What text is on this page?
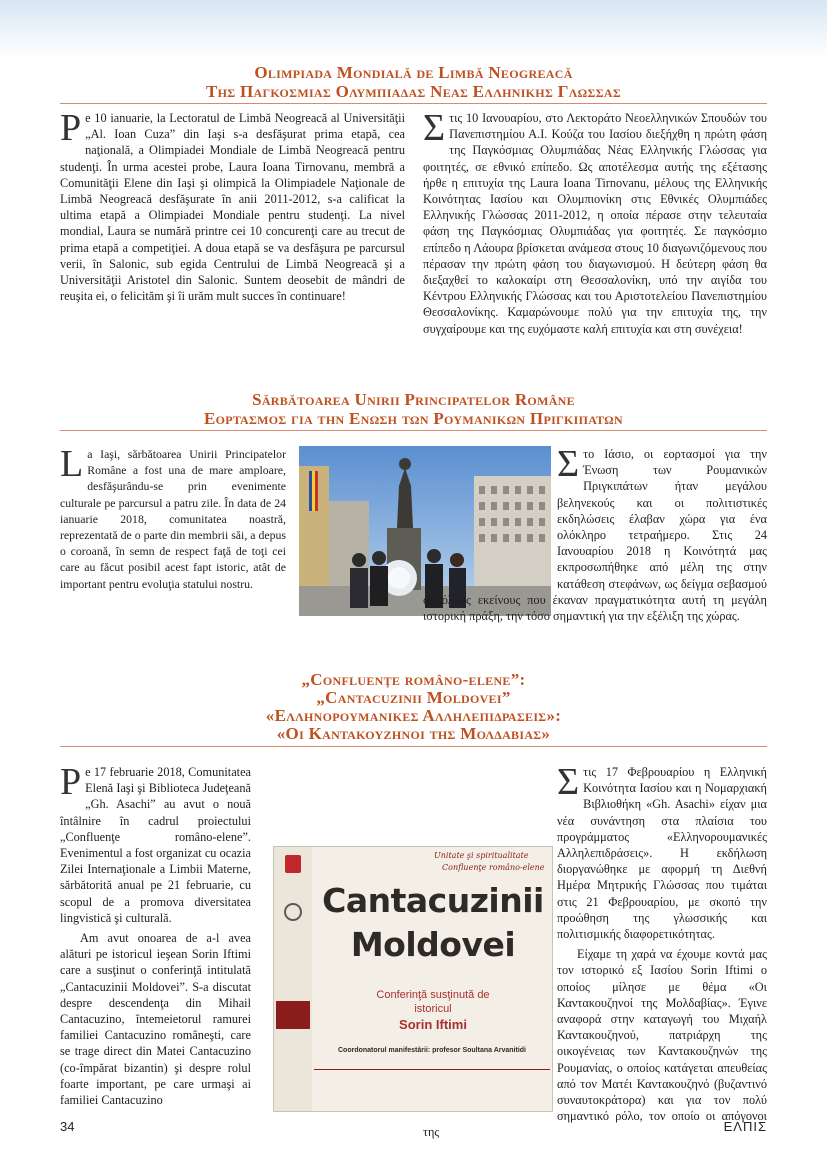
Olimpiada Mondială de Limbă Neogreacă
Της Παγκοσμιας Ολυμπιαδας Νεας Ελληνικης Γλωσσας

Pe 10 ianuarie, la Lectoratul de Limbă Neogreacă al Universităţii „Al. Ioan Cuza” din Iaşi s-a desfăşurat prima etapă, cea naţională, a Olimpiadei Mondiale de Limbă Neogreacă pentru studenţi. În urma acestei probe, Laura Ioana Tirnovanu, membră a Comunităţii Elene din Iaşi şi olimpică la Olimpiadele Naţionale de Limbă Neogreacă desfăşurate în anii 2011-2012, s-a calificat la ultima etapă a Olimpiadei Mondiale pentru studenţi. La nivel mondial, Laura se numără printre cei 10 concurenţi care au trecut de prima etapă a competiţiei. A doua etapă se va desfăşura pe parcursul verii, în Salonic, sub egida Centrului de Limbă Neogreacă şi a Universităţii Aristotel din Salonic. Suntem deosebit de mândri de reuşita ei, o felicităm şi îi urăm mult succes în continuare!

Στις 10 Ιανουαρίου, στο Λεκτοράτο Νεοελληνικών Σπουδών του Πανεπιστημίου Α.Ι. Κούζα του Ιασίου διεξήχθη η πρώτη φάση της Παγκόσμιας Ολυμπιάδας Νέας Ελληνικής Γλώσσας για φοιτητές, σε εθνικό επίπεδο. Ως αποτέλεσμα αυτής της εξέτασης ήρθε η επιτυχία της Laura Ioana Tirnovanu, μέλους της Ελληνικής Κοινότητας Ιασίου και Ολυμπιονίκη στις Εθνικές Ολυμπιάδες Ελληνικής Γλώσσας 2011-2012, η οποία πέρασε στην τελευταία φάση της Παγκόσμιας Ολυμπιάδας για φοιτητές. Σε παγκόσμιο επίπεδο η Λάουρα βρίσκεται ανάμεσα στους 10 διαγωνιζόμενους που πέρασαν την πρώτη φάση του διαγωνισμού. Η δεύτερη φάση θα διεξαχθεί το καλοκαίρι στη Θεσσαλονίκη, υπό την αιγίδα του Κέντρου Ελληνικής Γλώσσας και του Αριστοτελείου Πανεπιστημίου Θεσσαλονίκης. Καμαρώνουμε πολύ για την επιτυχία της, την συγχαίρουμε και της ευχόμαστε καλή επιτυχία και στη συνέχεια!

Sărbătoarea Unirii Principatelor Române
Εορτασμος για την Ενωση των Ρουμανικων Πριγκιπατων

La Iaşi, sărbătoarea Unirii Principatelor Române a fost una de mare amploare, desfăşurându-se prin evenimente culturale pe parcursul a patru zile. În data de 24 ianuarie 2018, comunitatea noastră, reprezentată de o parte din membrii săi, a depus o coroană, în semn de respect faţă de toţi cei care au făcut posibil acest fapt istoric, atât de important pentru evoluţia statului nostru.

Στο Ιάσιο, οι εορτασμοί για την Ένωση των Ρουμανικών Πριγκιπάτων ήταν μεγάλου βεληνεκούς και οι πολιτιστικές εκδηλώσεις έλαβαν χώρα για ένα ολόκληρο τετραήμερο. Στις 24 Ιανουαρίου 2018 η Κοινότητά μας εκπροσωπήθηκε από μέλη της στην κατάθεση στεφάνων, ως δείγμα σεβασμού σε όλους εκείνους που έκαναν πραγματικότητα αυτή τη μεγάλη ιστορική πράξη, την τόσο σημαντική για την εξέλιξη της χώρας.

„Confluenţe româno-elene”:
„Cantacuzinii Moldovei”
«Ελληνορουμανικες Αλληλεπιδρασεις»:
«Οι Καντακουζηνοι της Μολδαβιας»

Pe 17 februarie 2018, Comunitatea Elenă Iaşi şi Biblioteca Judeţeană „Gh. Asachi” au avut o nouă întâlnire în cadrul proiectului „Confluenţe româno-elene”. Evenimentul a fost organizat cu ocazia Zilei Internaţionale a Limbii Materne, sărbătorită anual pe 21 februarie, cu scopul de a promova diversitatea lingvistică şi culturală.

Am avut onoarea de a-l avea alături pe istoricul ieşean Sorin Iftimi care a susţinut o conferinţă intitulată „Cantacuzinii Moldovei”. S-a discutat despre descendenţa din Mihail Cantacuzino, întemeietorul ramurei familiei Cantacuzino româneşti, care se trage direct din Matei Cantacuzino (co-împărat bizantin) şi despre rolul foarte important, pe care urmaşi ai familiei Cantacuzino

Στις 17 Φεβρουαρίου η Ελληνική Κοινότητα Ιασίου και η Νομαρχιακή Βιβλιοθήκη «Gh. Asachi» είχαν μια νέα συνάντηση στα πλαίσια του προγράμματος «Ελληνορουμανικές Αλληλεπιδράσεις». Η εκδήλωση διοργανώθηκε με αφορμή τη Διεθνή Ημέρα Μητρικής Γλώσσας που τιμάται στις 21 Φεβρουαρίου, με σκοπό την προώθηση της γλωσσικής και πολιτισμικής διαφορετικότητας.

Είχαμε τη χαρά να έχουμε κοντά μας τον ιστορικό εξ Ιασίου Sorin Iftimi ο οποίος μίλησε με θέμα «Οι Καντακουζηνοί της Μολδαβίας». Έγινε αναφορά στην καταγωγή του Μιχαήλ Καντακουζηνού, πατριάρχη της οικογένειας των Καντακουζηνών της Ρουμανίας, ο οποίος κατάγεται απευθείας από τον Ματέι Καντακουζηνό (βυζαντινό συναυτοκράτορα) και για τον πολύ σημαντικό ρόλο, τον οποίο οι απόγονοι της

Unitate şi spiritualitate
Confluenţe româno-elene
Cantacuzinii
Moldovei
Conferinţă susţinută de
istoricul
Sorin Iftimi
Coordonatorul manifestării: profesor Soultana Arvanitidi
34	ΕΛΠΙΣ
